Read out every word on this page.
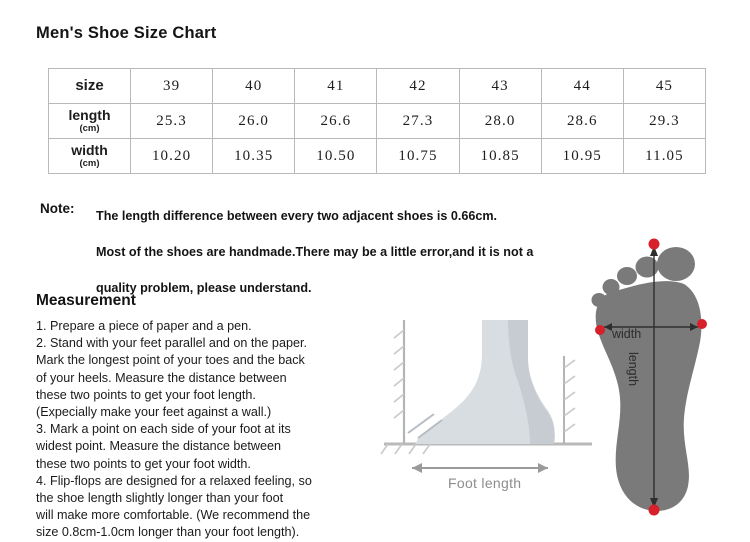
Men's Shoe Size Chart
size	39	40	41	42	43	44	45
length
(cm)	25.3	26.0	26.6	27.3	28.0	28.6	29.3
width
(cm)	10.20	10.35	10.50	10.75	10.85	10.95	11.05
Note: The length difference between every two adjacent shoes is 0.66cm.
Most of the shoes are handmade.There may be a little error,and it is not a
quality problem, please understand.
Measurement

1. Prepare a piece of paper and a pen.

2. Stand with your feet parallel and on the paper.

Mark the longest point of your toes and the back

of your heels. Measure the distance between

these two points to get your foot length.

(Expecially make your feet against a wall.)

3. Mark a point on each side of your foot at its

widest point. Measure the distance between

these two points to get your foot width.

4. Flip-flops are designed for a relaxed feeling, so

the shoe length slightly longer than your foot

will make more comfortable. (We recommend the

size 0.8cm-1.0cm longer than your foot length).

Foot length
width
length
